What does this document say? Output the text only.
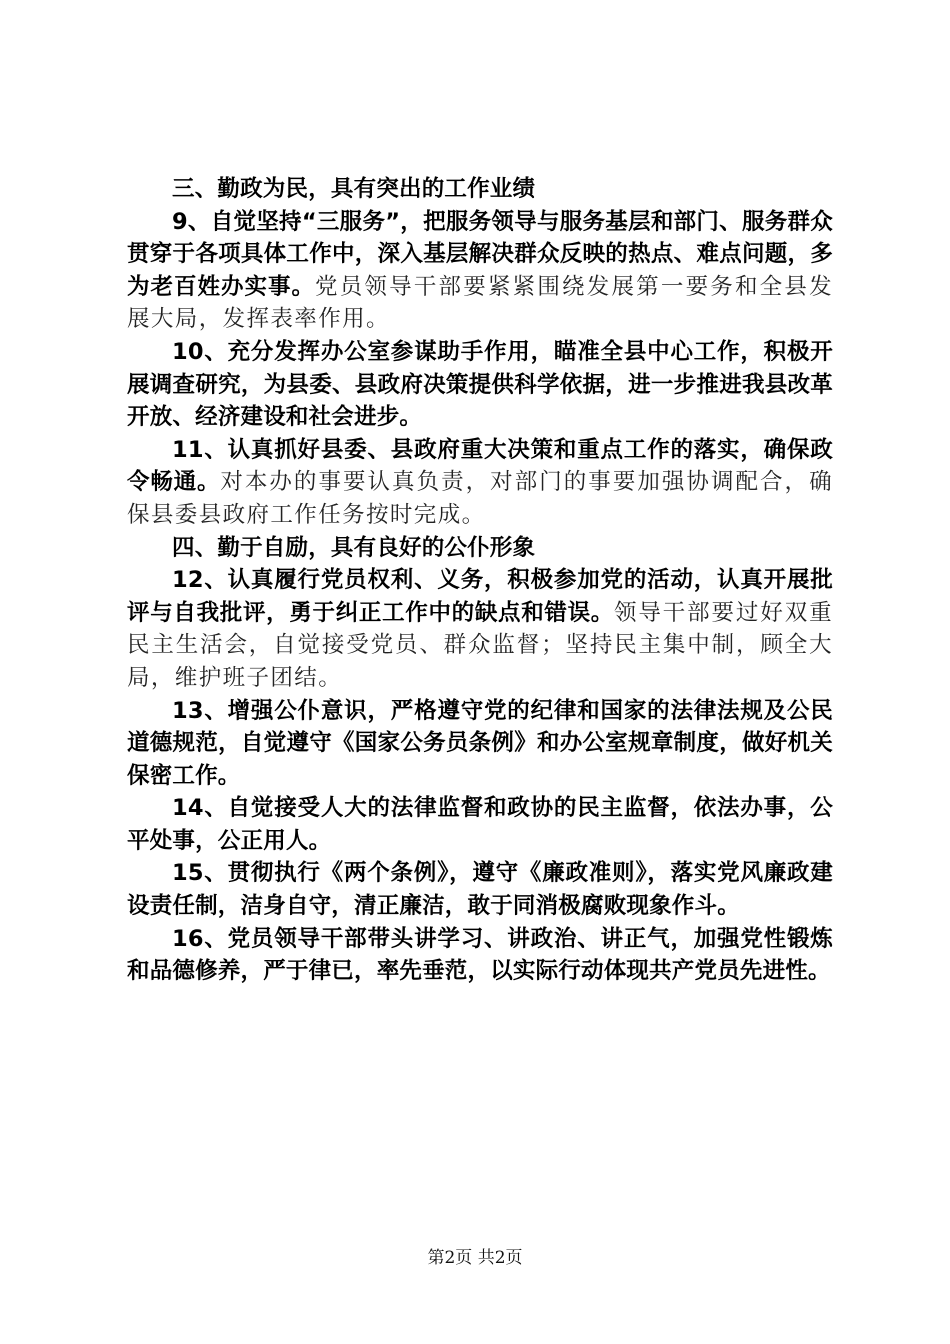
三、勤政为民，具有突出的工作业绩

9、自觉坚持“三服务”，把服务领导与服务基层和部门、服务群众贯穿于各项具体工作中，深入基层解决群众反映的热点、难点问题，多为老百姓办实事。党员领导干部要紧紧围绕发展第一要务和全县发展大局，发挥表率作用。

10、充分发挥办公室参谋助手作用，瞄准全县中心工作，积极开展调查研究，为县委、县政府决策提供科学依据，进一步推进我县改革开放、经济建设和社会进步。

11、认真抓好县委、县政府重大决策和重点工作的落实，确保政令畅通。对本办的事要认真负责，对部门的事要加强协调配合，确保县委县政府工作任务按时完成。

四、勤于自励，具有良好的公仆形象

12、认真履行党员权利、义务，积极参加党的活动，认真开展批评与自我批评，勇于纠正工作中的缺点和错误。领导干部要过好双重民主生活会，自觉接受党员、群众监督；坚持民主集中制，顾全大局，维护班子团结。

13、增强公仆意识，严格遵守党的纪律和国家的法律法规及公民道德规范，自觉遵守《国家公务员条例》和办公室规章制度，做好机关保密工作。

14、自觉接受人大的法律监督和政协的民主监督，依法办事，公平处事，公正用人。

15、贯彻执行《两个条例》，遵守《廉政准则》，落实党风廉政建设责任制，洁身自守，清正廉洁，敢于同消极腐败现象作斗。

16、党员领导干部带头讲学习、讲政治、讲正气，加强党性锻炼和品德修养，严于律已，率先垂范，以实际行动体现共产党员先进性。

第2页 共2页
